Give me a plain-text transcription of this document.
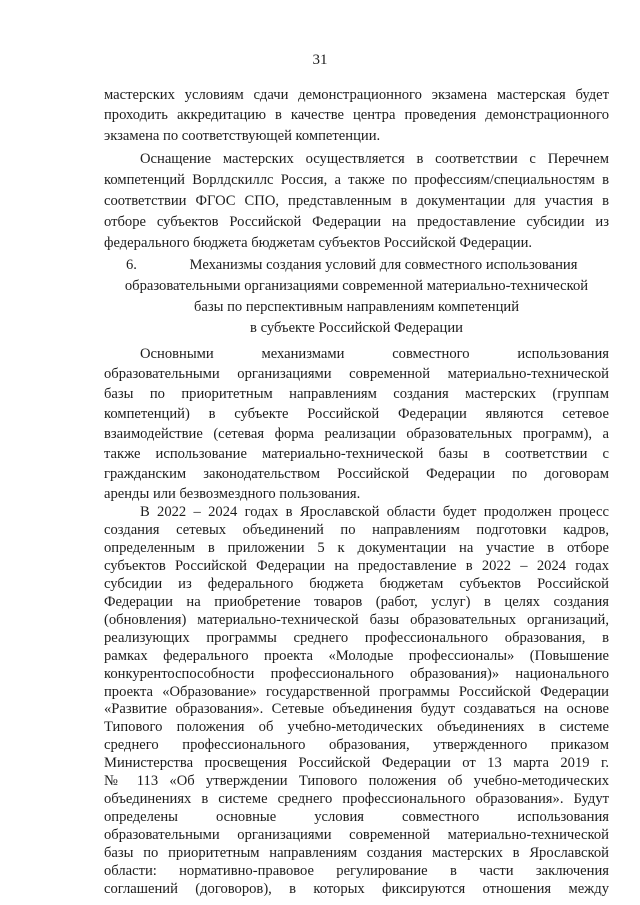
31
мастерских условиям сдачи демонстрационного экзамена мастерская будет
проходить аккредитацию в качестве центра проведения демонстрационного
экзамена по соответствующей компетенции.
Оснащение мастерских осуществляется в соответствии с Перечнем
компетенций Ворлдскиллс Россия, а также по профессиям/специальностям в
соответствии ФГОС СПО, представленным в документации для участия в
отборе субъектов Российской Федерации на предоставление субсидии из
федерального бюджета бюджетам субъектов Российской Федерации.
6.	Механизмы создания условий для совместного использования
образовательными организациями современной материально-технической
базы по перспективным направлениям компетенций
в субъекте Российской Федерации
Основными механизмами совместного использования
образовательными организациями современной материально-технической
базы по приоритетным направлениям создания мастерских (группам
компетенций) в субъекте Российской Федерации являются сетевое
взаимодействие (сетевая форма реализации образовательных программ), а
также использование материально-технической базы в соответствии с
гражданским законодательством Российской Федерации по договорам
аренды или безвозмездного пользования.
В 2022 – 2024 годах в Ярославской области будет продолжен процесс
создания сетевых объединений по направлениям подготовки кадров,
определенным в приложении 5 к документации на участие в отборе
субъектов Российской Федерации на предоставление в 2022 – 2024 годах
субсидии из федерального бюджета бюджетам субъектов Российской
Федерации на приобретение товаров (работ, услуг) в целях создания
(обновления) материально-технической базы образовательных организаций,
реализующих программы среднего профессионального образования, в
рамках федерального проекта «Молодые профессионалы» (Повышение
конкурентоспособности профессионального образования)» национального
проекта «Образование» государственной программы Российской Федерации
«Развитие образования». Сетевые объединения будут создаваться на основе
Типового положения об учебно-методических объединениях в системе
среднего профессионального образования, утвержденного приказом
Министерства просвещения Российской Федерации от 13 марта 2019 г.
№ 113 «Об утверждении Типового положения об учебно-методических
объединениях в системе среднего профессионального образования». Будут
определены основные условия совместного использования
образовательными организациями современной материально-технической
базы по приоритетным направлениям создания мастерских в Ярославской
области: нормативно-правовое регулирование в части заключения
соглашений (договоров), в которых фиксируются отношения между
